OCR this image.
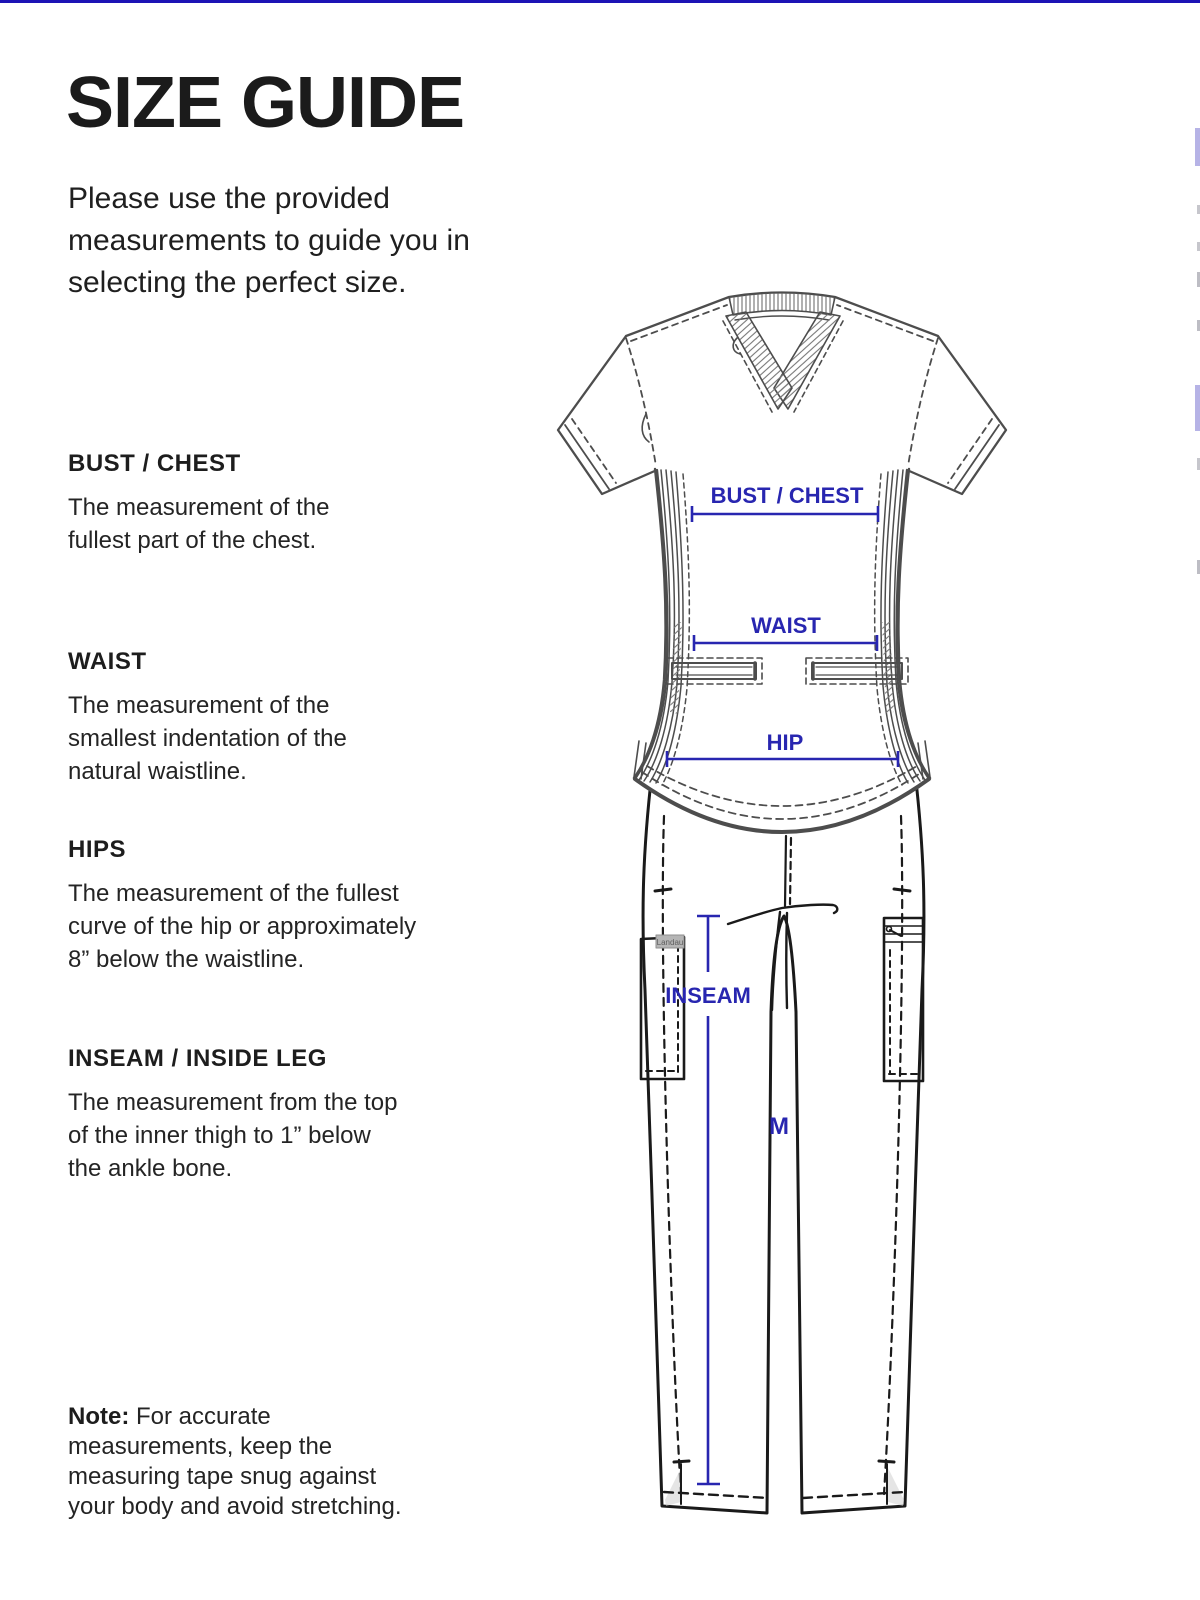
SIZE GUIDE
Please use the provided
measurements to guide you in
selecting the perfect size.
BUST / CHEST
The measurement of the
fullest part of the chest.
WAIST
The measurement of the
smallest indentation of the
natural waistline.
HIPS
The measurement of the fullest
curve of the hip or approximately
8” below the waistline.
INSEAM / INSIDE LEG
The measurement from the top
of the inner thigh to 1” below
the ankle bone.
Note: For accurate
measurements, keep the
measuring tape snug against
your body and avoid stretching.
Landau
BUST / CHEST
WAIST
HIP
INSEAM
M
